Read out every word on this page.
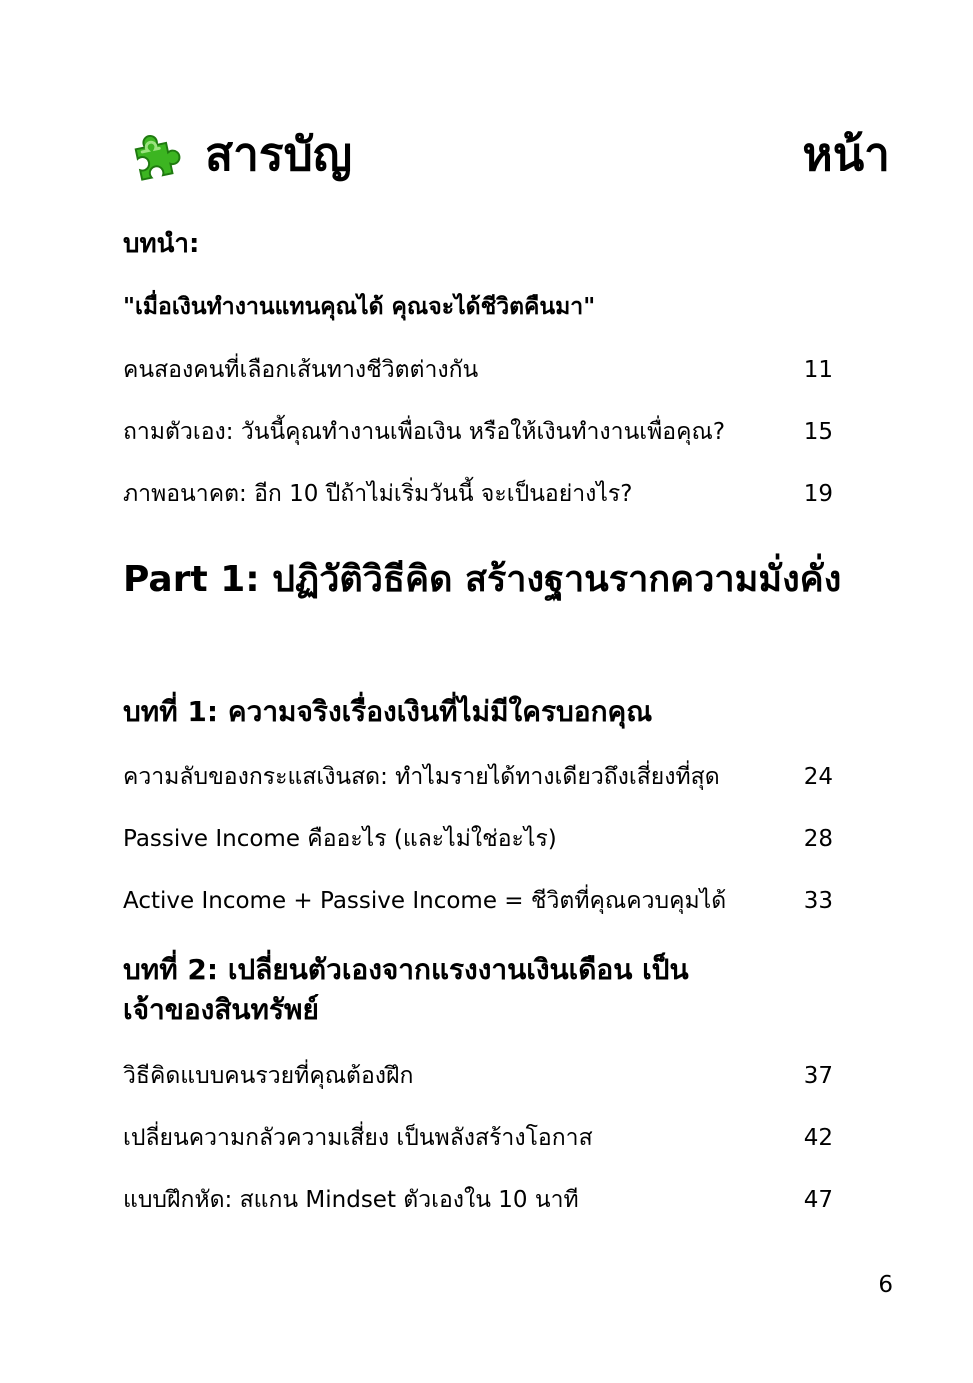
สารบัญ	หน้า
บทนำ:
"เมื่อเงินทำงานแทนคุณได้ คุณจะได้ชีวิตคืนมา"
คนสองคนที่เลือกเส้นทางชีวิตต่างกัน	11
ถามตัวเอง: วันนี้คุณทำงานเพื่อเงิน หรือให้เงินทำงานเพื่อคุณ?	15
ภาพอนาคต: อีก 10 ปีถ้าไม่เริ่มวันนี้ จะเป็นอย่างไร?	19
Part 1: ปฏิวัติวิธีคิด สร้างฐานรากความมั่งคั่ง
บทที่ 1: ความจริงเรื่องเงินที่ไม่มีใครบอกคุณ
ความลับของกระแสเงินสด: ทำไมรายได้ทางเดียวถึงเสี่ยงที่สุด	24
Passive Income คืออะไร (และไม่ใช่อะไร)	28
Active Income + Passive Income = ชีวิตที่คุณควบคุมได้	33
บทที่ 2: เปลี่ยนตัวเองจากแรงงานเงินเดือน เป็นเจ้าของสินทรัพย์
วิธีคิดแบบคนรวยที่คุณต้องฝึก	37
เปลี่ยนความกลัวความเสี่ยง เป็นพลังสร้างโอกาส	42
แบบฝึกหัด: สแกน Mindset ตัวเองใน 10 นาที	47
6
